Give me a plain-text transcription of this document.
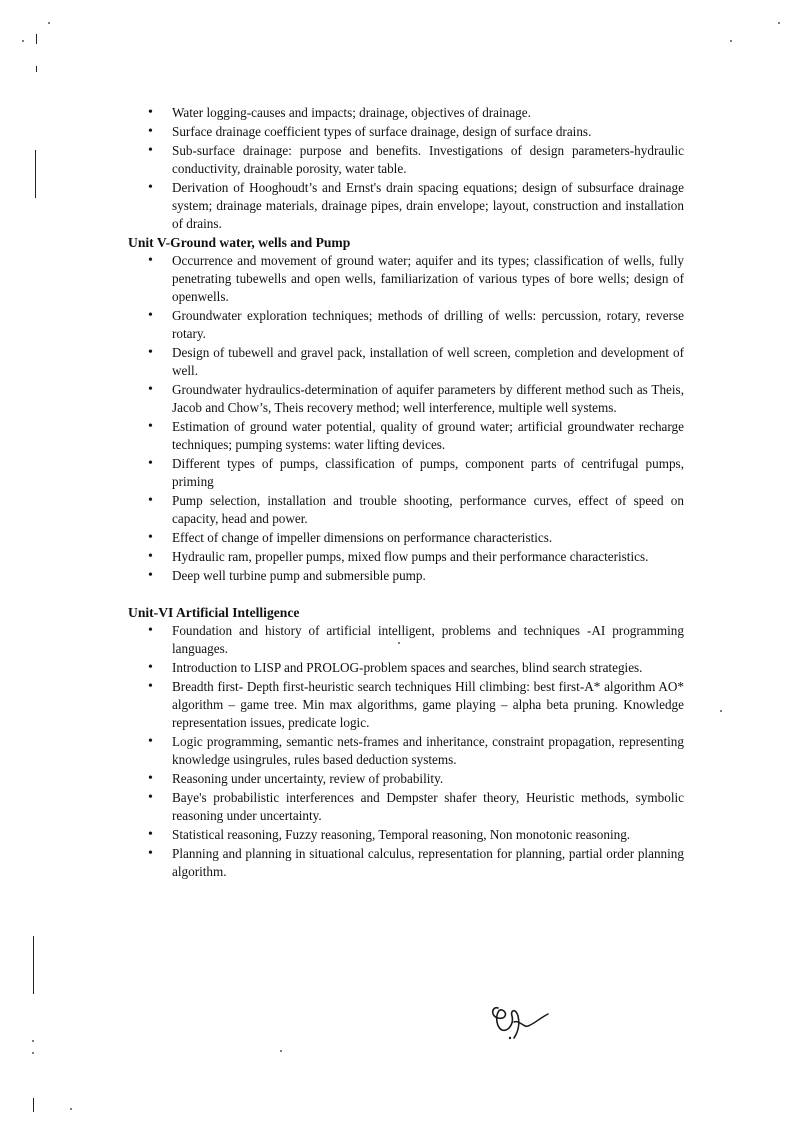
• Water logging-causes and impacts; drainage, objectives of drainage.
• Surface drainage coefficient types of surface drainage, design of surface drains.
• Sub-surface drainage: purpose and benefits. Investigations of design parameters-hydraulic conductivity, drainable porosity, water table.
• Derivation of Hooghoudt’s and Ernst's drain spacing equations; design of subsurface drainage system; drainage materials, drainage pipes, drain envelope; layout, construction and installation of drains.

Unit V-Ground water, wells and Pump

• Occurrence and movement of ground water; aquifer and its types; classification of wells, fully penetrating tubewells and open wells, familiarization of various types of bore wells; design of openwells.
• Groundwater exploration techniques; methods of drilling of wells: percussion, rotary, reverse rotary.
• Design of tubewell and gravel pack, installation of well screen, completion and development of well.
• Groundwater hydraulics-determination of aquifer parameters by different method such as Theis, Jacob and Chow’s, Theis recovery method; well interference, multiple well systems.
• Estimation of ground water potential, quality of ground water; artificial groundwater recharge techniques; pumping systems: water lifting devices.
• Different types of pumps, classification of pumps, component parts of centrifugal pumps, priming
• Pump selection, installation and trouble shooting, performance curves, effect of speed on capacity, head and power.
• Effect of change of impeller dimensions on performance characteristics.
• Hydraulic ram, propeller pumps, mixed flow pumps and their performance characteristics.
• Deep well turbine pump and submersible pump.

Unit-VI Artificial Intelligence

• Foundation and history of artificial intelligent, problems and techniques -AI programming languages.
• Introduction to LISP and PROLOG-problem spaces and searches, blind search strategies.
• Breadth first- Depth first-heuristic search techniques Hill climbing: best first-A* algorithm AO* algorithm – game tree. Min max algorithms, game playing – alpha beta pruning. Knowledge representation issues, predicate logic.
• Logic programming, semantic nets-frames and inheritance, constraint propagation, representing knowledge usingrules, rules based deduction systems.
• Reasoning under uncertainty, review of probability.
• Baye's probabilistic interferences and Dempster shafer theory, Heuristic methods, symbolic reasoning under uncertainty.
• Statistical reasoning, Fuzzy reasoning, Temporal reasoning, Non monotonic reasoning.
• Planning and planning in situational calculus, representation for planning, partial order planning algorithm.
